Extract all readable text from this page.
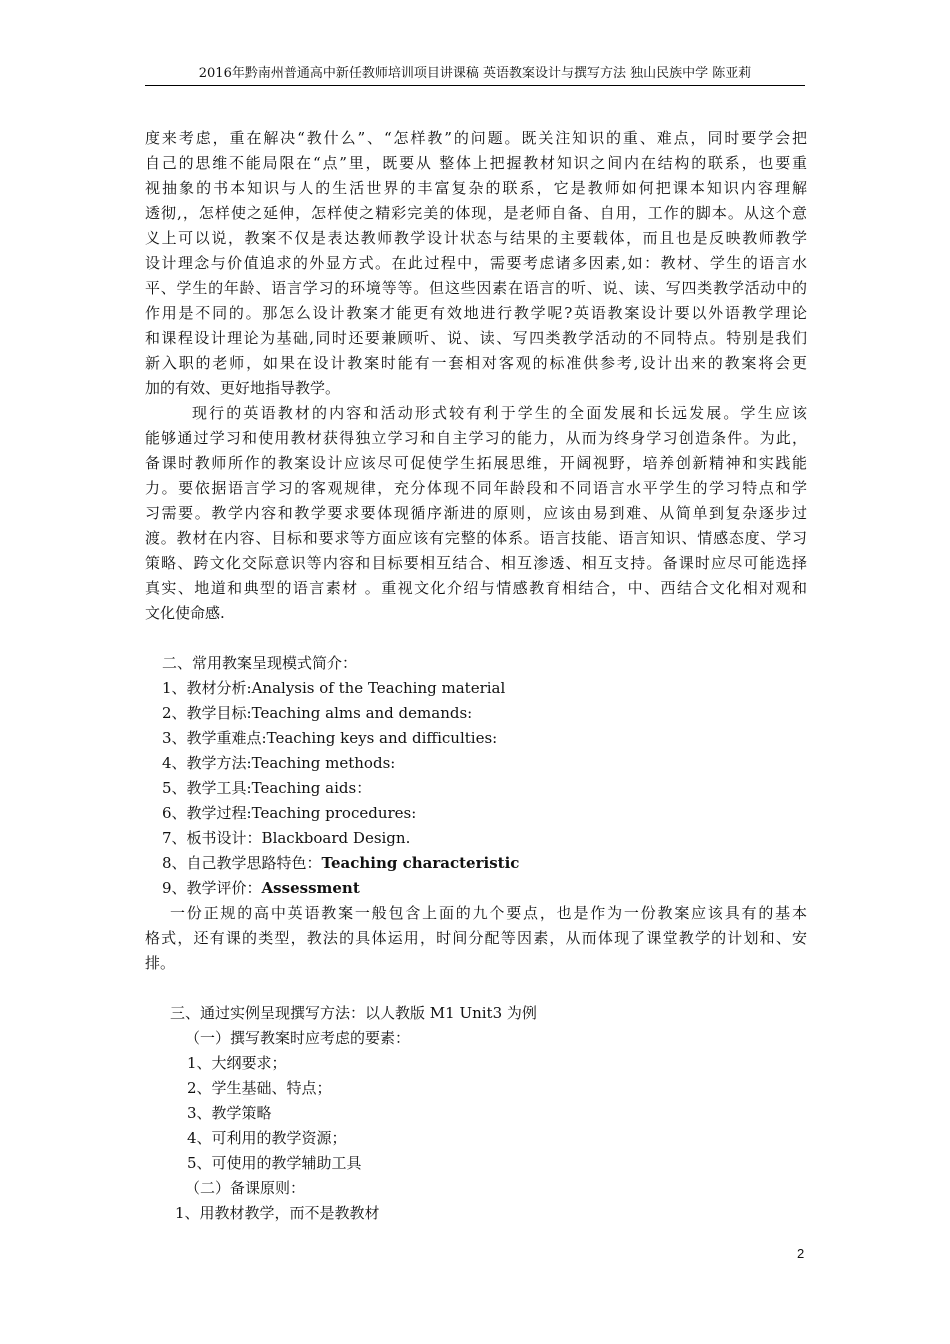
2016年黔南州普通高中新任教师培训项目讲课稿 英语教案设计与撰写方法 独山民族中学 陈亚莉
度来考虑，重在解决“教什么”、“怎样教”的问题。既关注知识的重、难点，同时要学会把
自己的思维不能局限在“点”里，既要从 整体上把握教材知识之间内在结构的联系，也要重
视抽象的书本知识与人的生活世界的丰富复杂的联系，它是教师如何把课本知识内容理解
透彻,，怎样使之延伸，怎样使之精彩完美的体现，是老师自备、自用，工作的脚本。从这个意
义上可以说，教案不仅是表达教师教学设计状态与结果的主要载体，而且也是反映教师教学
设计理念与价值追求的外显方式。在此过程中，需要考虑诸多因素,如：教材、学生的语言水
平、学生的年龄、语言学习的环境等等。但这些因素在语言的听、说、读、写四类教学活动中的
作用是不同的。那怎么设计教案才能更有效地进行教学呢?英语教案设计要以外语教学理论
和课程设计理论为基础,同时还要兼顾听、说、读、写四类教学活动的不同特点。特别是我们
新入职的老师，如果在设计教案时能有一套相对客观的标准供参考,设计出来的教案将会更
加的有效、更好地指导教学。
现行的英语教材的内容和活动形式较有利于学生的全面发展和长远发展。学生应该
能够通过学习和使用教材获得独立学习和自主学习的能力，从而为终身学习创造条件。为此，
备课时教师所作的教案设计应该尽可促使学生拓展思维，开阔视野，培养创新精神和实践能
力。要依据语言学习的客观规律，充分体现不同年龄段和不同语言水平学生的学习特点和学
习需要。教学内容和教学要求要体现循序渐进的原则，应该由易到难、从简单到复杂逐步过
渡。教材在内容、目标和要求等方面应该有完整的体系。语言技能、语言知识、情感态度、学习
策略、跨文化交际意识等内容和目标要相互结合、相互渗透、相互支持。备课时应尽可能选择
真实、地道和典型的语言素材 。重视文化介绍与情感教育相结合，中、西结合文化相对观和
文化使命感.
二、常用教案呈现模式简介：
1、教材分析:Analysis of the Teaching material
2、教学目标:Teaching alms and demands:
3、教学重难点:Teaching keys and difficulties:
4、教学方法:Teaching methods:
5、教学工具:Teaching aids：
6、教学过程:Teaching procedures:
7、板书设计：Blackboard Design.
8、自己教学思路特色：Teaching characteristic
9、教学评价：Assessment
一份正规的高中英语教案一般包含上面的九个要点，也是作为一份教案应该具有的基本
格式，还有课的类型，教法的具体运用，时间分配等因素，从而体现了课堂教学的计划和、安
排。
三、通过实例呈现撰写方法：以人教版 M1 Unit3 为例
（一）撰写教案时应考虑的要素：
1、大纲要求；
2、学生基础、特点；
3、教学策略
4、可利用的教学资源；
5、可使用的教学辅助工具
（二）备课原则：
1、用教材教学，而不是教教材
2
